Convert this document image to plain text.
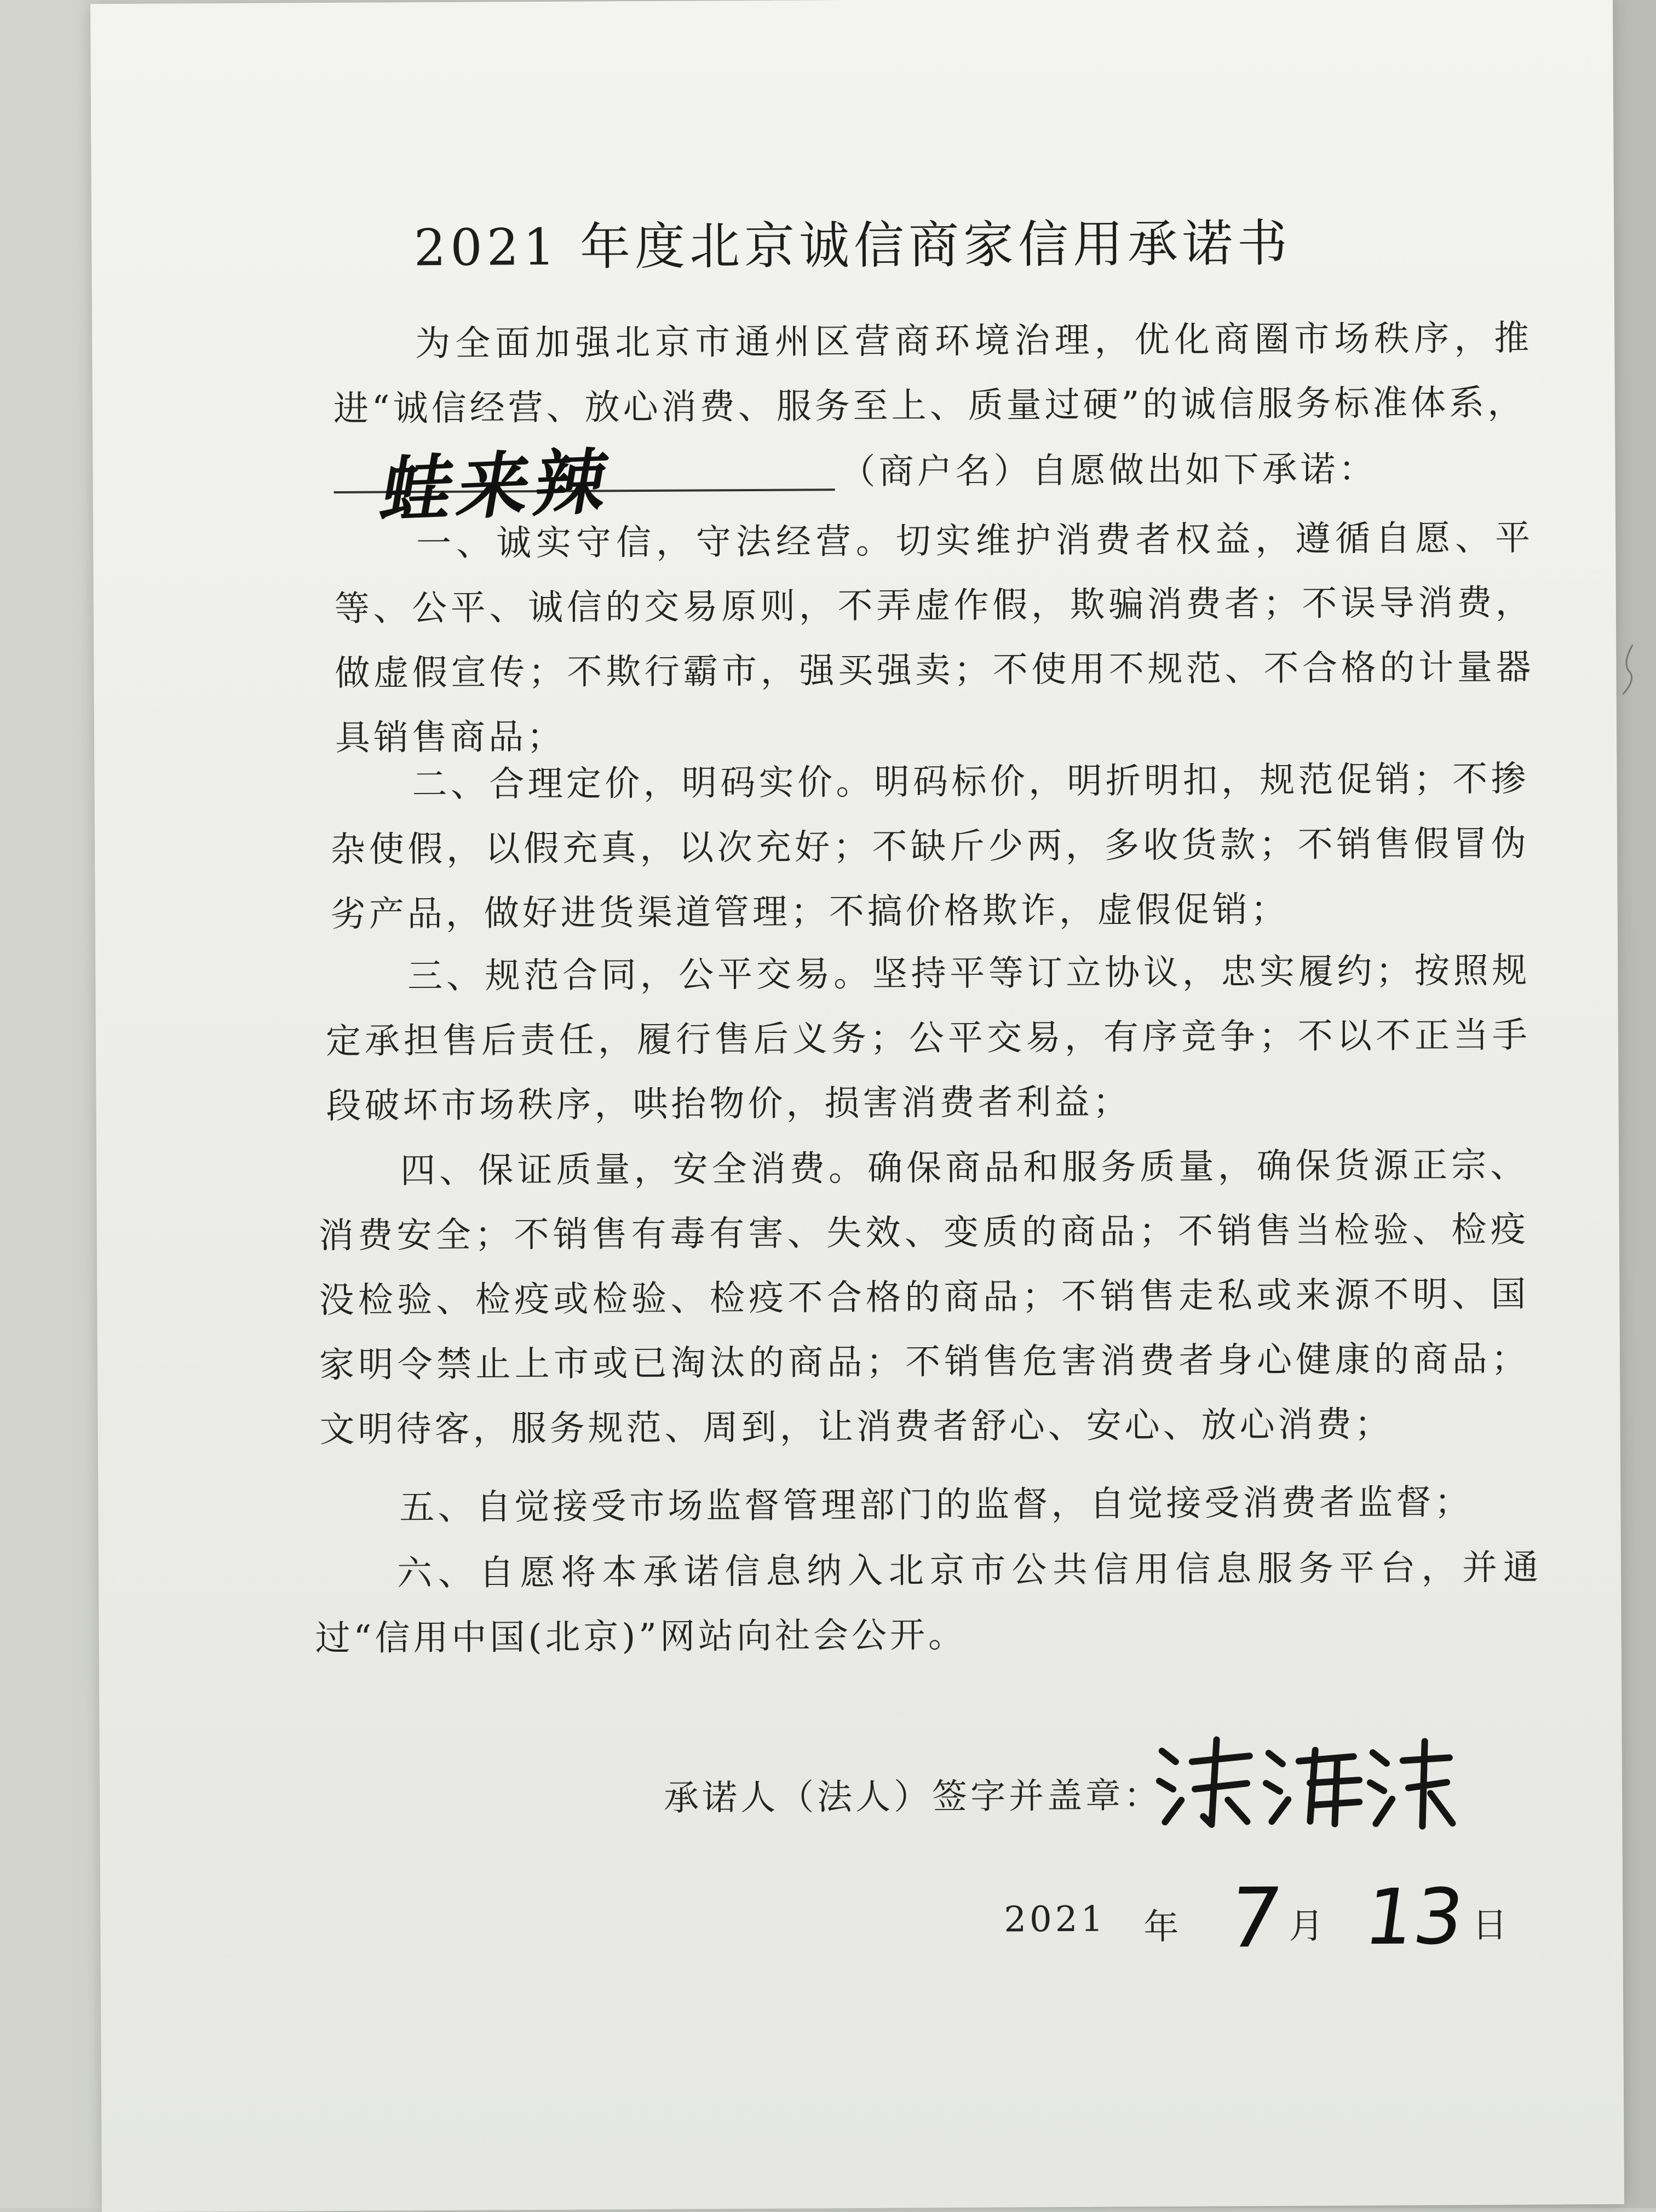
2021 年度北京诚信商家信用承诺书
为全面加强北京市通州区营商环境治理，优化商圈市场秩序，推进“诚信经营、放心消费、服务至上、质量过硬”的诚信服务标准体系，
蛙来辣	（商户名）自愿做出如下承诺：
一、诚实守信，守法经营。切实维护消费者权益，遵循自愿、平等、公平、诚信的交易原则，不弄虚作假，欺骗消费者；不误导消费，做虚假宣传；不欺行霸市，强买强卖；不使用不规范、不合格的计量器具销售商品；
二、合理定价，明码实价。明码标价，明折明扣，规范促销；不掺杂使假，以假充真，以次充好；不缺斤少两，多收货款；不销售假冒伪劣产品，做好进货渠道管理；不搞价格欺诈，虚假促销；
三、规范合同，公平交易。坚持平等订立协议，忠实履约；按照规定承担售后责任，履行售后义务；公平交易，有序竞争；不以不正当手段破坏市场秩序，哄抬物价，损害消费者利益；
四、保证质量，安全消费。确保商品和服务质量，确保货源正宗、消费安全；不销售有毒有害、失效、变质的商品；不销售当检验、检疫没检验、检疫或检验、检疫不合格的商品；不销售走私或来源不明、国家明令禁止上市或已淘汰的商品；不销售危害消费者身心健康的商品；文明待客，服务规范、周到，让消费者舒心、安心、放心消费；
五、自觉接受市场监督管理部门的监督，自觉接受消费者监督；
六、自愿将本承诺信息纳入北京市公共信用信息服务平台，并通过“信用中国(北京)”网站向社会公开。
承诺人（法人）签字并盖章：
2021 年 7 月 13 日
